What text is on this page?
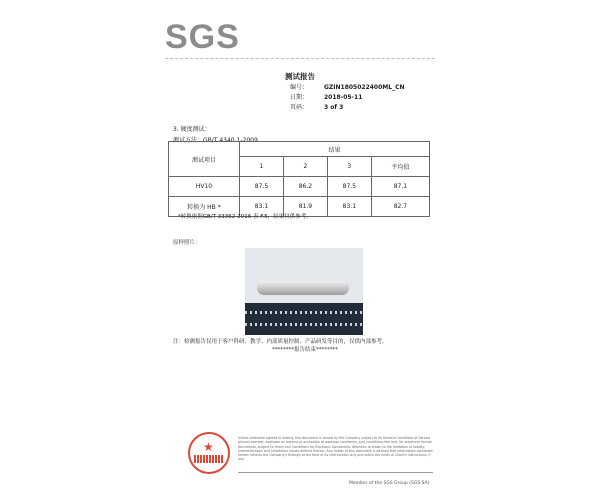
SGS
测试报告
编号：	GZIN1805022400ML_CN
日期：	2018-05-11
页码：	3 of 3
3. 硬度测试：
测试方法：GB/T 4340.1-2009
测试项目	结果			
	1	2	3	平均值
HV10	87.5	86.2	87.5	87.1
转换为 HB *	83.1	81.9	83.1	82.7
*转换依据GB/T 33362-2016 表 F.5，结果仅供参考。
原样照片：
注：检测报告仅用于客户科研、教学、内部质量控制、产品研发等目的，仅供内部参考。
********报告结束********
★
Unless otherwise agreed in writing, this document is issued by the Company subject to its General Conditions of Service printed overleaf, available on request or accessible at www.sgs.com/terms_and_conditions.htm and, for electronic format documents, subject to Terms and Conditions for Electronic Documents. Attention is drawn to the limitation of liability, indemnification and jurisdiction issues defined therein. Any holder of this document is advised that information contained hereon reflects the Company's findings at the time of its intervention only and within the limits of Client's instructions, if any.
Member of the SGS Group (SGS SA)
